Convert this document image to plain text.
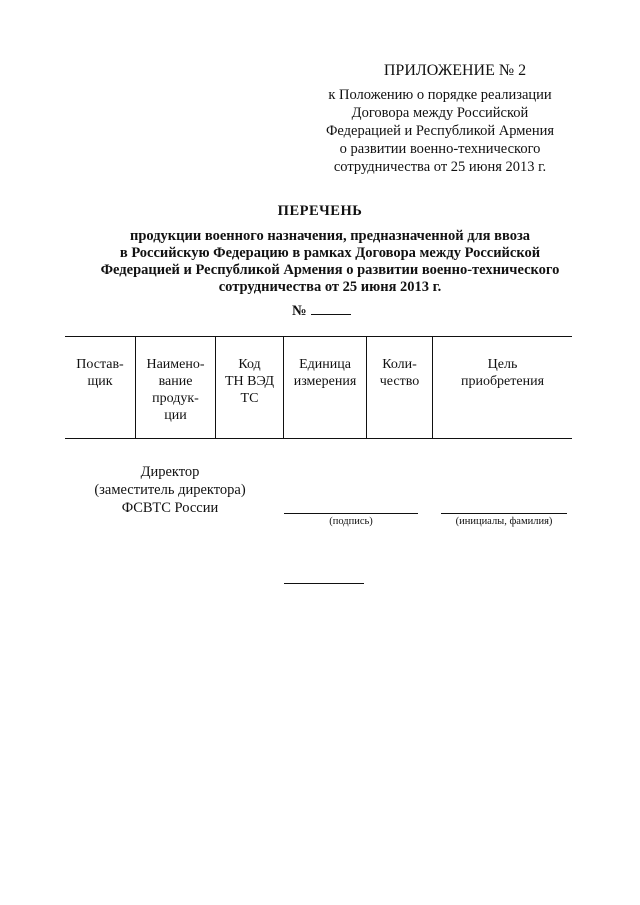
ПРИЛОЖЕНИЕ № 2
к Положению о порядке реализации
Договора между Российской
Федерацией и Республикой Армения
о развитии военно-технического
сотрудничества от 25 июня 2013 г.
ПЕРЕЧЕНЬ
продукции военного назначения, предназначенной для ввоза
в Российскую Федерацию в рамках Договора между Российской
Федерацией и Республикой Армения о развитии военно-технического
сотрудничества от 25 июня 2013 г.
№
Постав-
щик
Наимено-
вание
продук-
ции
Код
ТН ВЭД
ТС
Единица
измерения
Коли-
чество
Цель
приобретения
Директор
(заместитель директора)
ФСВТС России
(подпись)	(инициалы, фамилия)
